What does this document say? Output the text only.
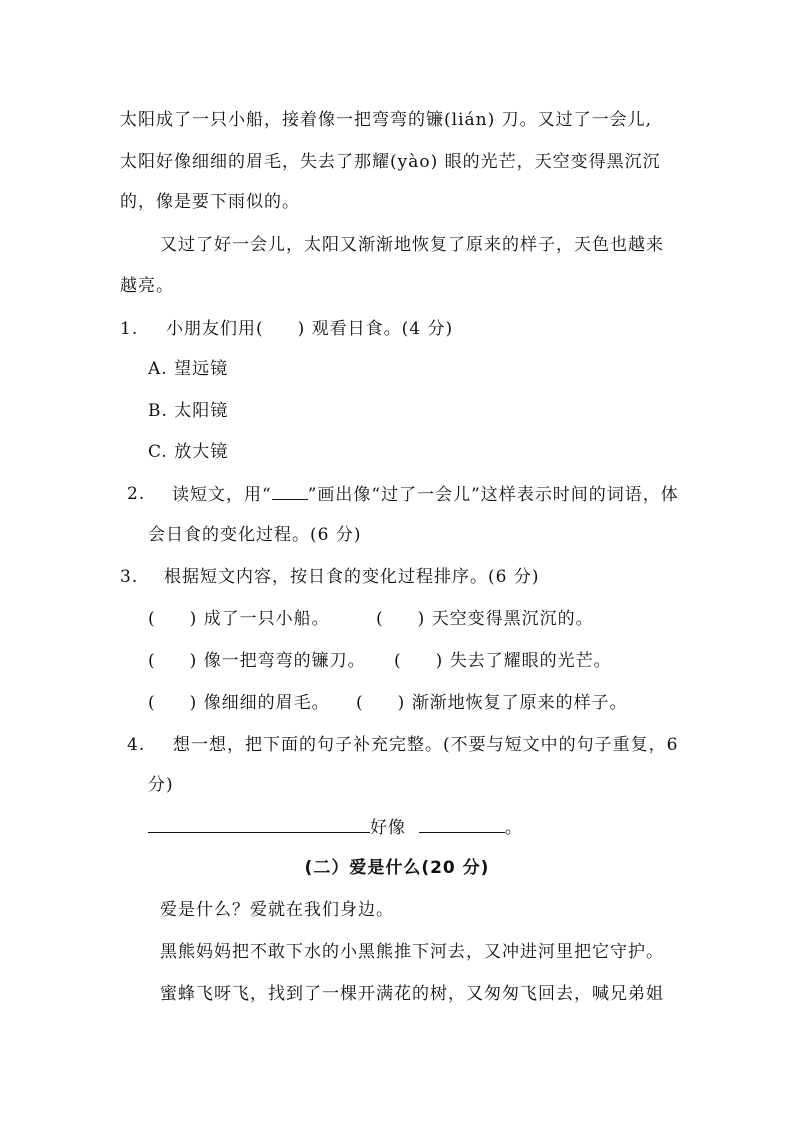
太阳成了一只小船，接着像一把弯弯的镰(lián) 刀。又过了一会儿,
太阳好像细细的眉毛，失去了那耀(yào) 眼的光芒，天空变得黑沉沉
的，像是要下雨似的。
又过了好一会儿，太阳又渐渐地恢复了原来的样子，天色也越来
越亮。
1. 小朋友们用( ) 观看日食。(4 分)
A. 望远镜
B. 太阳镜
C. 放大镜
2. 读短文，用“ ”画出像“过了一会儿”这样表示时间的词语，体
会日食的变化过程。(6 分)
3. 根据短文内容，按日食的变化过程排序。(6 分)
( ) 成了一只小船。	( ) 天空变得黑沉沉的。
( ) 像一把弯弯的镰刀。 ( ) 失去了耀眼的光芒。
( ) 像细细的眉毛。 ( ) 渐渐地恢复了原来的样子。
4. 想一想，把下面的句子补充完整。(不要与短文中的句子重复，6
分)
好像	。
(二）爱是什么(20 分)
爱是什么？爱就在我们身边。
黑熊妈妈把不敢下水的小黑熊推下河去，又冲进河里把它守护。
蜜蜂飞呀飞，找到了一棵开满花的树，又匆匆飞回去，喊兄弟姐
